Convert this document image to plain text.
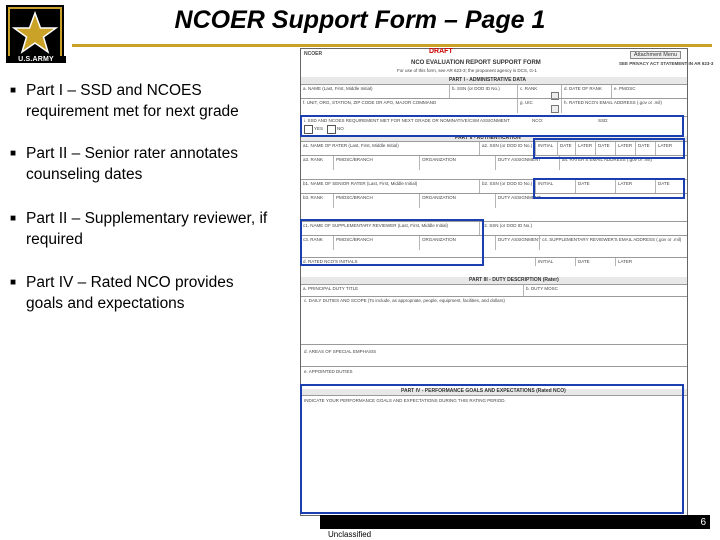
U.S.ARMY
NCOER Support Form – Page 1
■ Part I – SSD and NCOES
requirement met for next grade
■ Part II – Senior rater annotates
counseling dates
■ Part II – Supplementary reviewer, if
required
■ Part IV – Rated NCO provides
goals and expectations
NCOER	DRAFT	Attachment Menu
NCO EVALUATION REPORT SUPPORT FORM
For use of this form, see AR 623-3; the proponent agency is DCS, G-1
SEE PRIVACY ACT STATEMENT IN AR 623-3
PART I - ADMINISTRATIVE DATA
a. NAME (Last, First, Middle Initial)	b. SSN (or DOD ID No.)	c. RANK	d. DATE OF RANK	e. PMOSC
f. UNIT, ORG, STATION, ZIP CODE OR APO, MAJOR COMMAND	g. UIC	h. RATED NCO's EMAIL ADDRESS (.gov or .mil)
i. SSD AND NCOES REQUIREMENT MET FOR NEXT GRADE OR NOMINATIVE/CSM ASSIGNMENT	NCO:	SSD:
YES	NO
PART II - AUTHENTICATION
a1. NAME OF RATER (Last, First, Middle Initial)	a2. SSN (or DOD ID No.)	INITIAL	DATE	LATER	DATE	LATER	DATE	LATER
a3. RANK	PMOSC/BRANCH	ORGANIZATION	DUTY ASSIGNMENT	a4. RATER'S EMAIL ADDRESS (.gov or .mil)
b1. NAME OF SENIOR RATER (Last, First, Middle Initial)	b2. SSN (or DOD ID No.)	INITIAL	DATE	LATER	DATE
b3. RANK	PMOSC/BRANCH	ORGANIZATION	DUTY ASSIGNMENT
c1. NAME OF SUPPLEMENTARY REVIEWER (Last, First, Middle Initial)	c2. SSN (or DOD ID No.)
c3. RANK	PMOSC/BRANCH	ORGANIZATION	DUTY ASSIGNMENT c4. SUPPLEMENTARY REVIEWER'S EMAIL ADDRESS (.gov or .mil)
d. RATED NCO'S INITIALS	INITIAL	DATE	LATER
PART III - DUTY DESCRIPTION (Rater)
a. PRINCIPAL DUTY TITLE	b. DUTY MOSC
c. DAILY DUTIES AND SCOPE (To include, as appropriate, people, equipment, facilities, and dollars)
d. AREAS OF SPECIAL EMPHASIS
e. APPOINTED DUTIES
PART IV - PERFORMANCE GOALS AND EXPECTATIONS (Rated NCO)
INDICATE YOUR PERFORMANCE GOALS AND EXPECTATIONS DURING THIS RATING PERIOD.
6
Unclassified
